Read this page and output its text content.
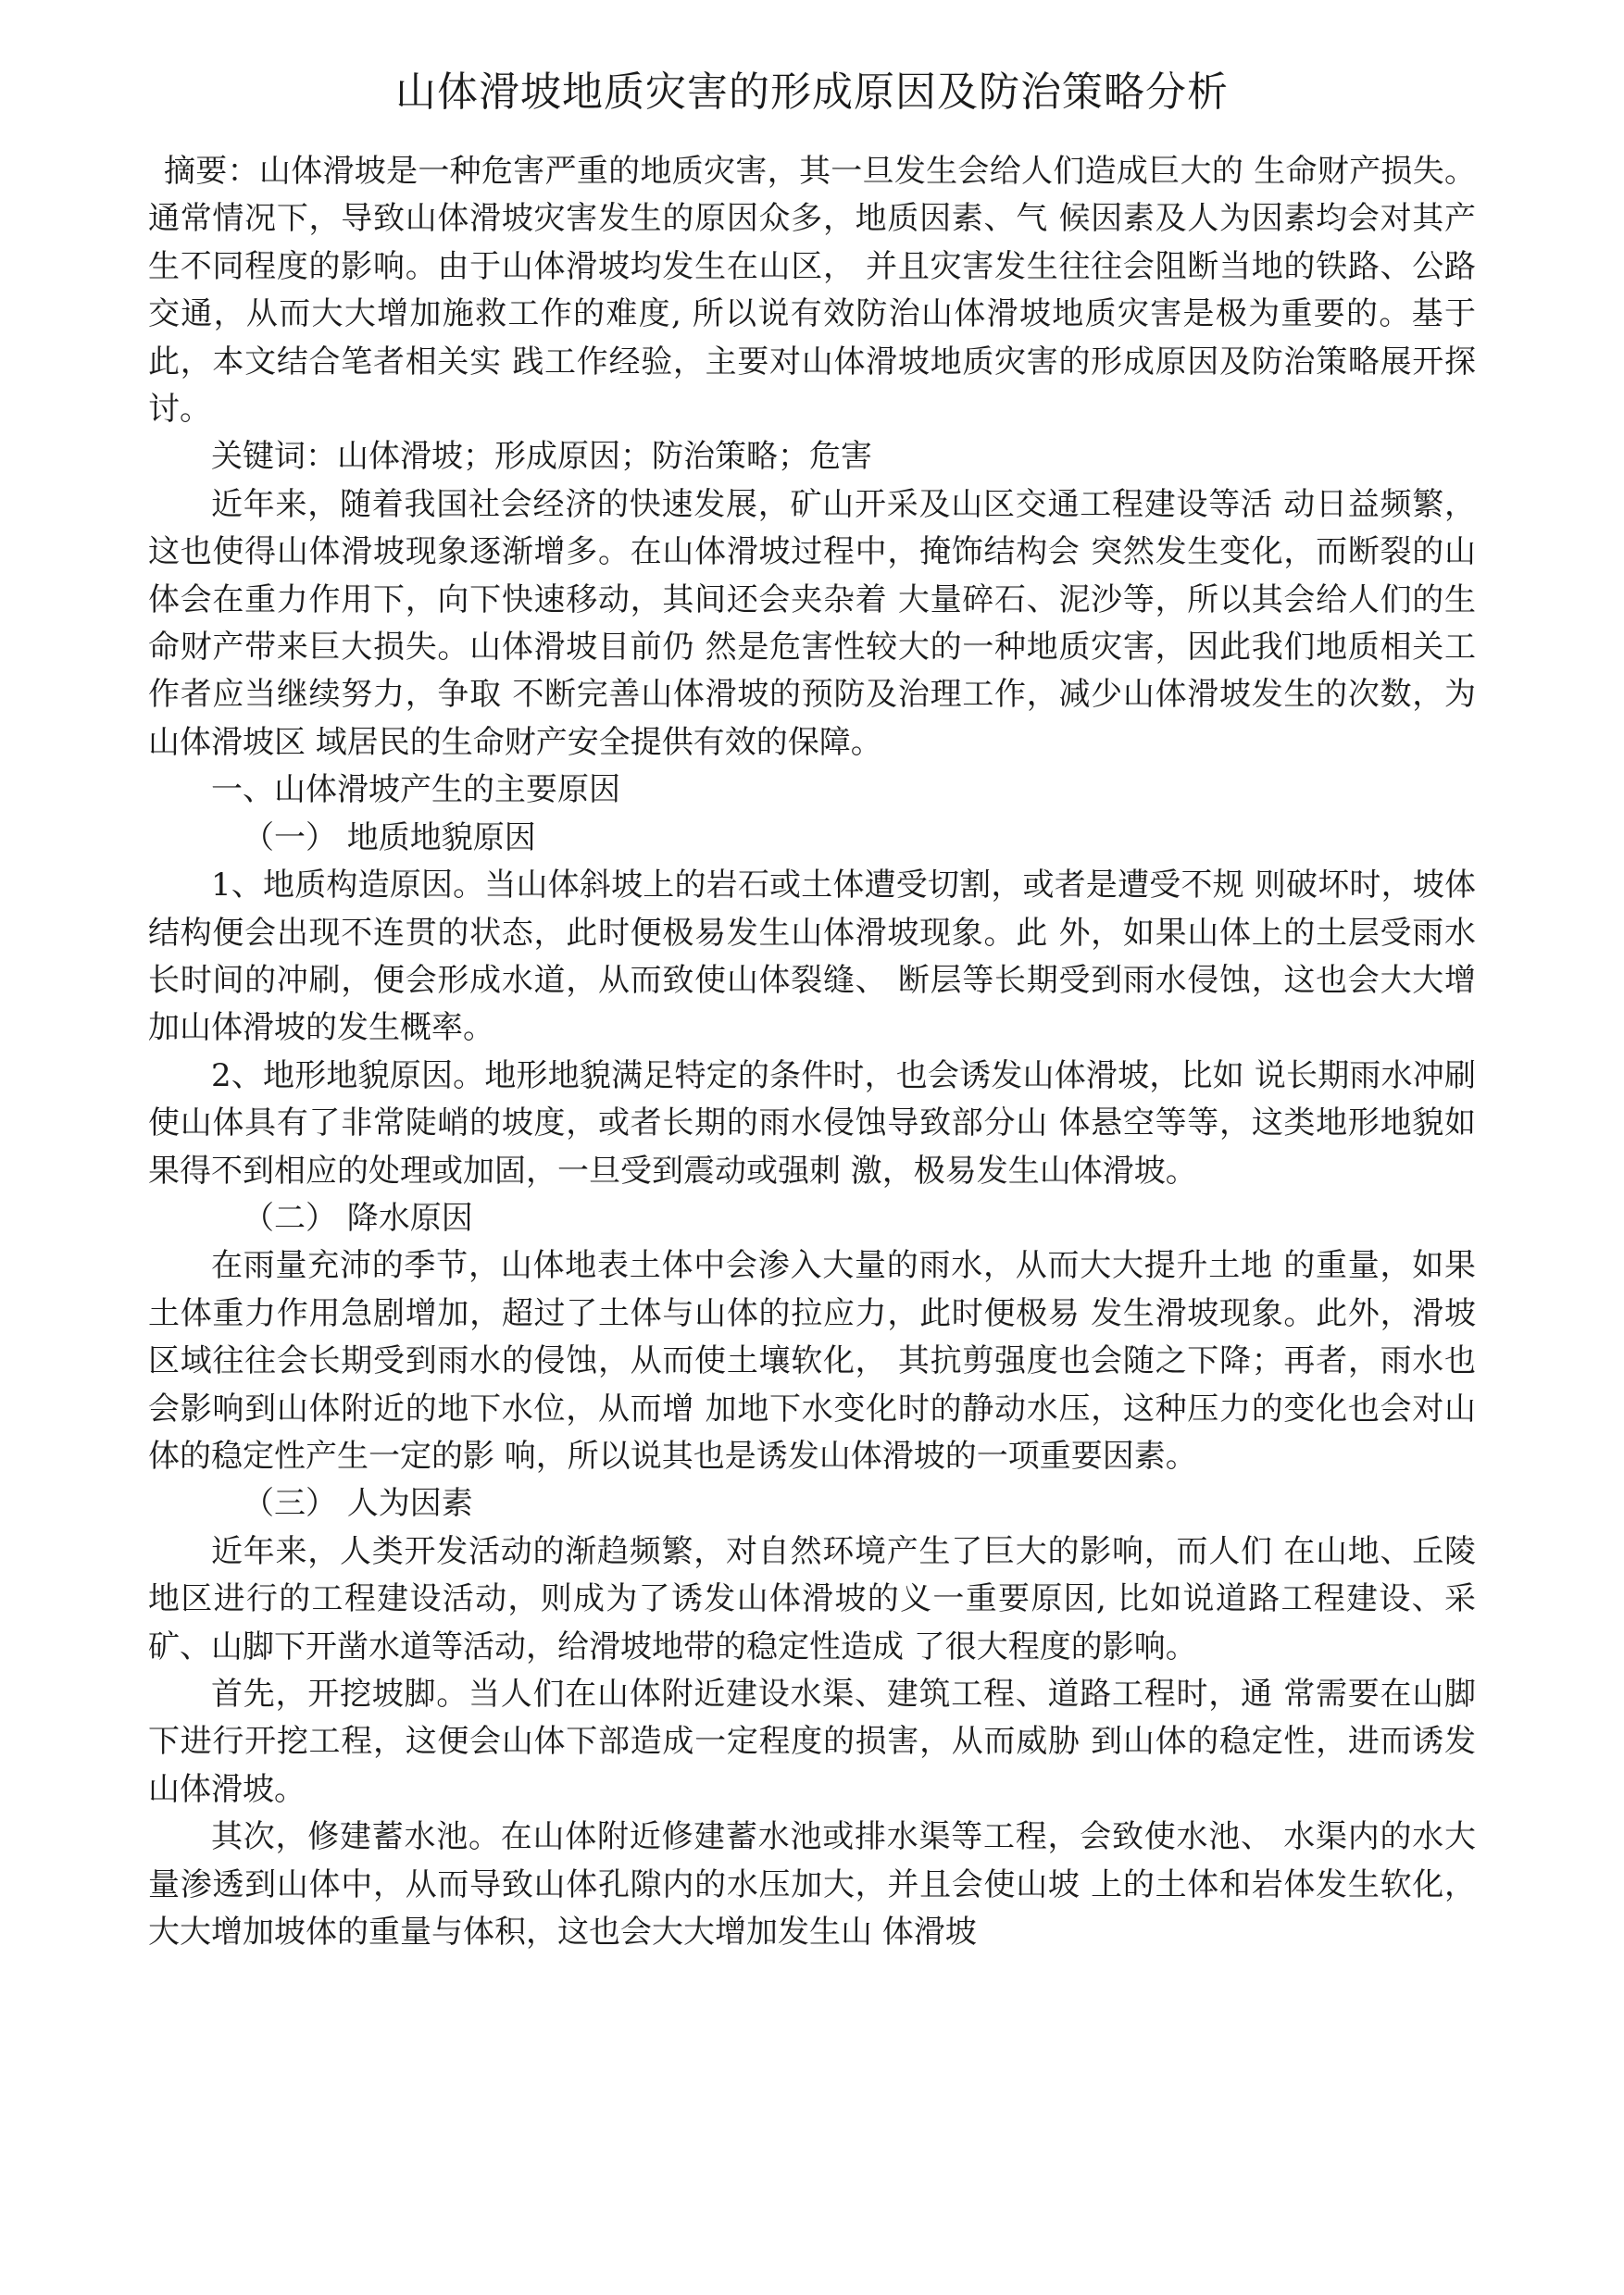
山体滑坡地质灾害的形成原因及防治策略分析

摘要：山体滑坡是一种危害严重的地质灾害，其一旦发生会给人们造成巨大的 生命财产损失。通常情况下，导致山体滑坡灾害发生的原因众多，地质因素、气 候因素及人为因素均会对其产生不同程度的影响。由于山体滑坡均发生在山区， 并且灾害发生往往会阻断当地的铁路、公路交通，从而大大增加施救工作的难度, 所以说有效防治山体滑坡地质灾害是极为重要的。基于此，本文结合笔者相关实 践工作经验，主要对山体滑坡地质灾害的形成原因及防治策略展开探讨。

关键词：山体滑坡；形成原因；防治策略；危害

近年来，随着我国社会经济的快速发展，矿山开采及山区交通工程建设等活 动日益频繁，这也使得山体滑坡现象逐渐增多。在山体滑坡过程中，掩饰结构会 突然发生变化，而断裂的山体会在重力作用下，向下快速移动，其间还会夹杂着 大量碎石、泥沙等，所以其会给人们的生命财产带来巨大损失。山体滑坡目前仍 然是危害性较大的一种地质灾害，因此我们地质相关工作者应当继续努力，争取 不断完善山体滑坡的预防及治理工作，减少山体滑坡发生的次数，为山体滑坡区 域居民的生命财产安全提供有效的保障。

一、山体滑坡产生的主要原因

（一） 地质地貌原因

1、地质构造原因。当山体斜坡上的岩石或土体遭受切割，或者是遭受不规 则破坏时，坡体结构便会出现不连贯的状态，此时便极易发生山体滑坡现象。此 外，如果山体上的土层受雨水长时间的冲刷，便会形成水道，从而致使山体裂缝、 断层等长期受到雨水侵蚀，这也会大大增加山体滑坡的发生概率。

2、地形地貌原因。地形地貌满足特定的条件时，也会诱发山体滑坡，比如 说长期雨水冲刷使山体具有了非常陡峭的坡度，或者长期的雨水侵蚀导致部分山 体悬空等等，这类地形地貌如果得不到相应的处理或加固，一旦受到震动或强刺 激，极易发生山体滑坡。

（二） 降水原因

在雨量充沛的季节，山体地表土体中会渗入大量的雨水，从而大大提升土地 的重量，如果土体重力作用急剧增加，超过了土体与山体的拉应力，此时便极易 发生滑坡现象。此外，滑坡区域往往会长期受到雨水的侵蚀，从而使土壤软化， 其抗剪强度也会随之下降；再者，雨水也会影响到山体附近的地下水位，从而增 加地下水变化时的静动水压，这种压力的变化也会对山体的稳定性产生一定的影 响，所以说其也是诱发山体滑坡的一项重要因素。

（三） 人为因素

近年来，人类开发活动的渐趋频繁，对自然环境产生了巨大的影响，而人们 在山地、丘陵地区进行的工程建设活动，则成为了诱发山体滑坡的义一重要原因, 比如说道路工程建设、采矿、山脚下开凿水道等活动，给滑坡地带的稳定性造成 了很大程度的影响。

首先，开挖坡脚。当人们在山体附近建设水渠、建筑工程、道路工程时，通 常需要在山脚下进行开挖工程，这便会山体下部造成一定程度的损害，从而威胁 到山体的稳定性，进而诱发山体滑坡。

其次，修建蓄水池。在山体附近修建蓄水池或排水渠等工程，会致使水池、 水渠内的水大量渗透到山体中，从而导致山体孔隙内的水压加大，并且会使山坡 上的土体和岩体发生软化，大大增加坡体的重量与体积，这也会大大增加发生山 体滑坡
